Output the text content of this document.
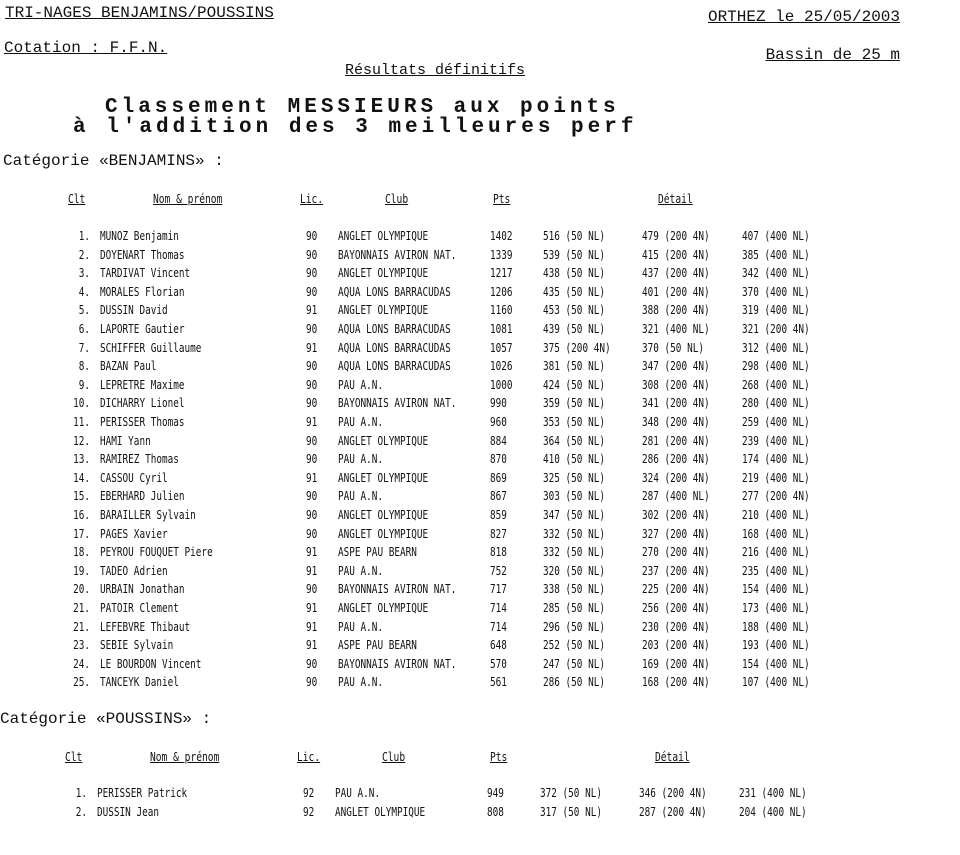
TRI-NAGES BENJAMINS/POUSSINS	ORTHEZ le 25/05/2003
Cotation : F.F.N.	Bassin de 25 m
Résultats définitifs
Classement MESSIEURS aux points
à l'addition des 3 meilleures perf
Catégorie «BENJAMINS» :
Clt	Nom & prénom	Lic.	Club	Pts	Détail
1. MUNOZ Benjamin	90 ANGLET OLYMPIQUE	1402	516 (50 NL)	479 (200 4N)	407 (400 NL)
2. DOYENART Thomas	90 BAYONNAIS AVIRON NAT.	1339	539 (50 NL)	415 (200 4N)	385 (400 NL)
3. TARDIVAT Vincent	90 ANGLET OLYMPIQUE	1217	438 (50 NL)	437 (200 4N)	342 (400 NL)
4. MORALES Florian	90 AQUA LONS BARRACUDAS	1206	435 (50 NL)	401 (200 4N)	370 (400 NL)
5. DUSSIN David	91 ANGLET OLYMPIQUE	1160	453 (50 NL)	388 (200 4N)	319 (400 NL)
6. LAPORTE Gautier	90 AQUA LONS BARRACUDAS	1081	439 (50 NL)	321 (400 NL)	321 (200 4N)
7. SCHIFFER Guillaume	91 AQUA LONS BARRACUDAS	1057	375 (200 4N)	370 (50 NL)	312 (400 NL)
8. BAZAN Paul	90 AQUA LONS BARRACUDAS	1026	381 (50 NL)	347 (200 4N)	298 (400 NL)
9. LEPRETRE Maxime	90 PAU A.N.	1000	424 (50 NL)	308 (200 4N)	268 (400 NL)
10. DICHARRY Lionel	90 BAYONNAIS AVIRON NAT.	990	359 (50 NL)	341 (200 4N)	280 (400 NL)
11. PERISSER Thomas	91 PAU A.N.	960	353 (50 NL)	348 (200 4N)	259 (400 NL)
12. HAMI Yann	90 ANGLET OLYMPIQUE	884	364 (50 NL)	281 (200 4N)	239 (400 NL)
13. RAMIREZ Thomas	90 PAU A.N.	870	410 (50 NL)	286 (200 4N)	174 (400 NL)
14. CASSOU Cyril	91 ANGLET OLYMPIQUE	869	325 (50 NL)	324 (200 4N)	219 (400 NL)
15. EBERHARD Julien	90 PAU A.N.	867	303 (50 NL)	287 (400 NL)	277 (200 4N)
16. BARAILLER Sylvain	90 ANGLET OLYMPIQUE	859	347 (50 NL)	302 (200 4N)	210 (400 NL)
17. PAGES Xavier	90 ANGLET OLYMPIQUE	827	332 (50 NL)	327 (200 4N)	168 (400 NL)
18. PEYROU FOUQUET Piere	91 ASPE PAU BEARN	818	332 (50 NL)	270 (200 4N)	216 (400 NL)
19. TADEO Adrien	91 PAU A.N.	752	320 (50 NL)	237 (200 4N)	235 (400 NL)
20. URBAIN Jonathan	90 BAYONNAIS AVIRON NAT.	717	338 (50 NL)	225 (200 4N)	154 (400 NL)
21. PATOIR Clement	91 ANGLET OLYMPIQUE	714	285 (50 NL)	256 (200 4N)	173 (400 NL)
21. LEFEBVRE Thibaut	91 PAU A.N.	714	296 (50 NL)	230 (200 4N)	188 (400 NL)
23. SEBIE Sylvain	91 ASPE PAU BEARN	648	252 (50 NL)	203 (200 4N)	193 (400 NL)
24. LE BOURDON Vincent	90 BAYONNAIS AVIRON NAT.	570	247 (50 NL)	169 (200 4N)	154 (400 NL)
25. TANCEYK Daniel	90 PAU A.N.	561	286 (50 NL)	168 (200 4N)	107 (400 NL)
Catégorie «POUSSINS» :
Clt	Nom & prénom	Lic.	Club	Pts	Détail
1. PERISSER Patrick	92 PAU A.N.	949	372 (50 NL)	346 (200 4N)	231 (400 NL)
2. DUSSIN Jean	92 ANGLET OLYMPIQUE	808	317 (50 NL)	287 (200 4N)	204 (400 NL)
